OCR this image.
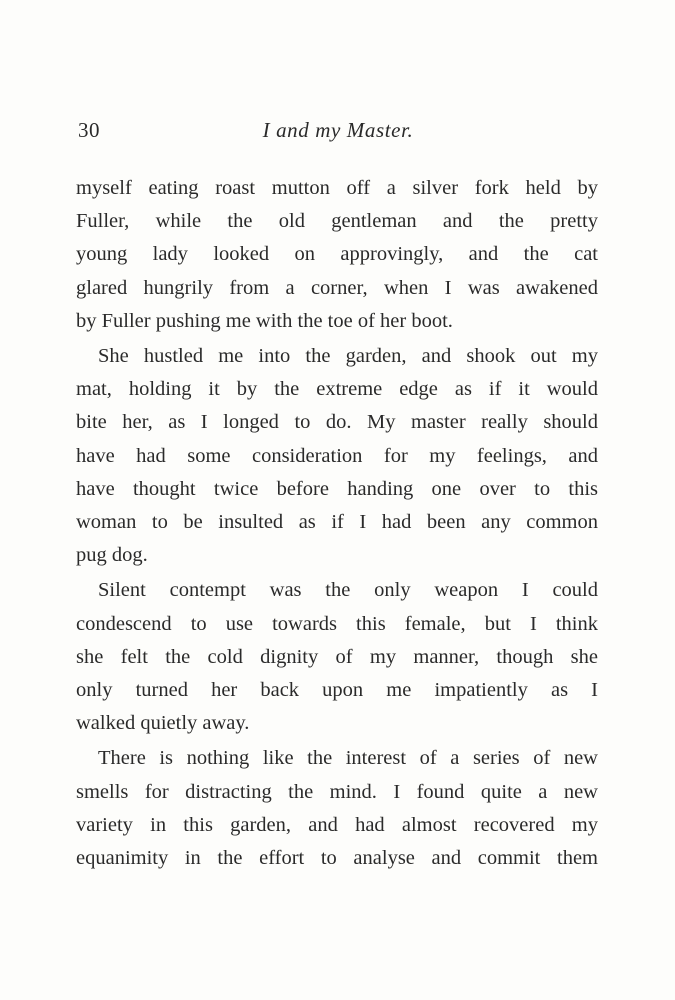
30	I and my Master.
myself eating roast mutton off a silver fork held by
Fuller, while the old gentleman and the pretty
young lady looked on approvingly, and the cat
glared hungrily from a corner, when I was awakened
by Fuller pushing me with the toe of her boot.
She hustled me into the garden, and shook out my
mat, holding it by the extreme edge as if it would
bite her, as I longed to do. My master really should
have had some consideration for my feelings, and
have thought twice before handing one over to this
woman to be insulted as if I had been any common
pug dog.
Silent contempt was the only weapon I could
condescend to use towards this female, but I think
she felt the cold dignity of my manner, though she
only turned her back upon me impatiently as I
walked quietly away.
There is nothing like the interest of a series of new
smells for distracting the mind. I found quite a new
variety in this garden, and had almost recovered my
equanimity in the effort to analyse and commit them
